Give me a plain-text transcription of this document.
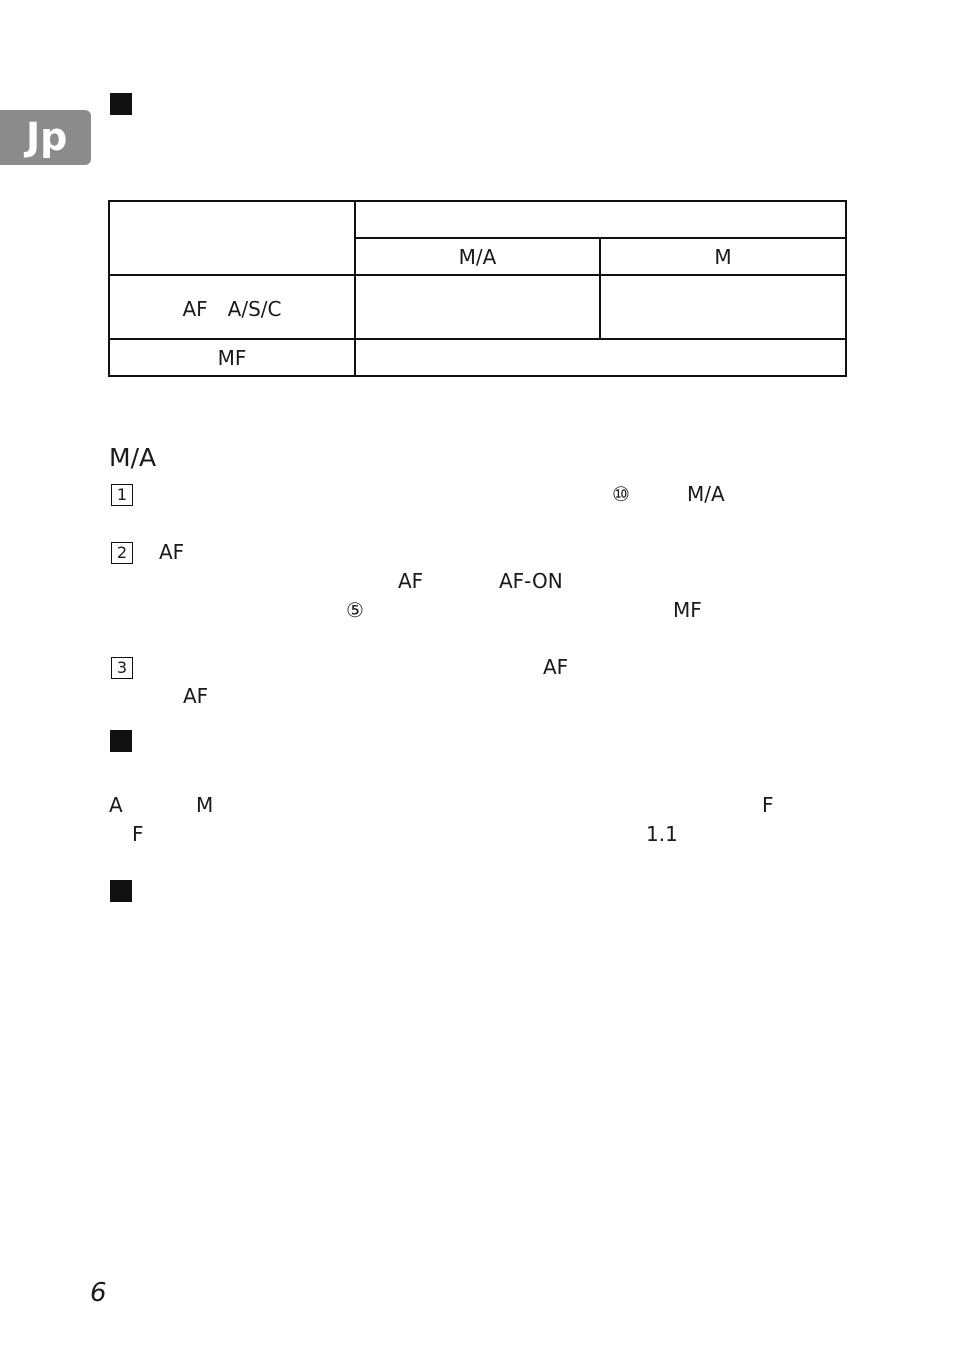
Jp

	M/A	M
AF　A/S/C		
MF		
M/A
1	⑩	M/A
2 AF
AF	AF-ON
⑤	MF
3	AF
AF
A	M	F
F	1.1
6
